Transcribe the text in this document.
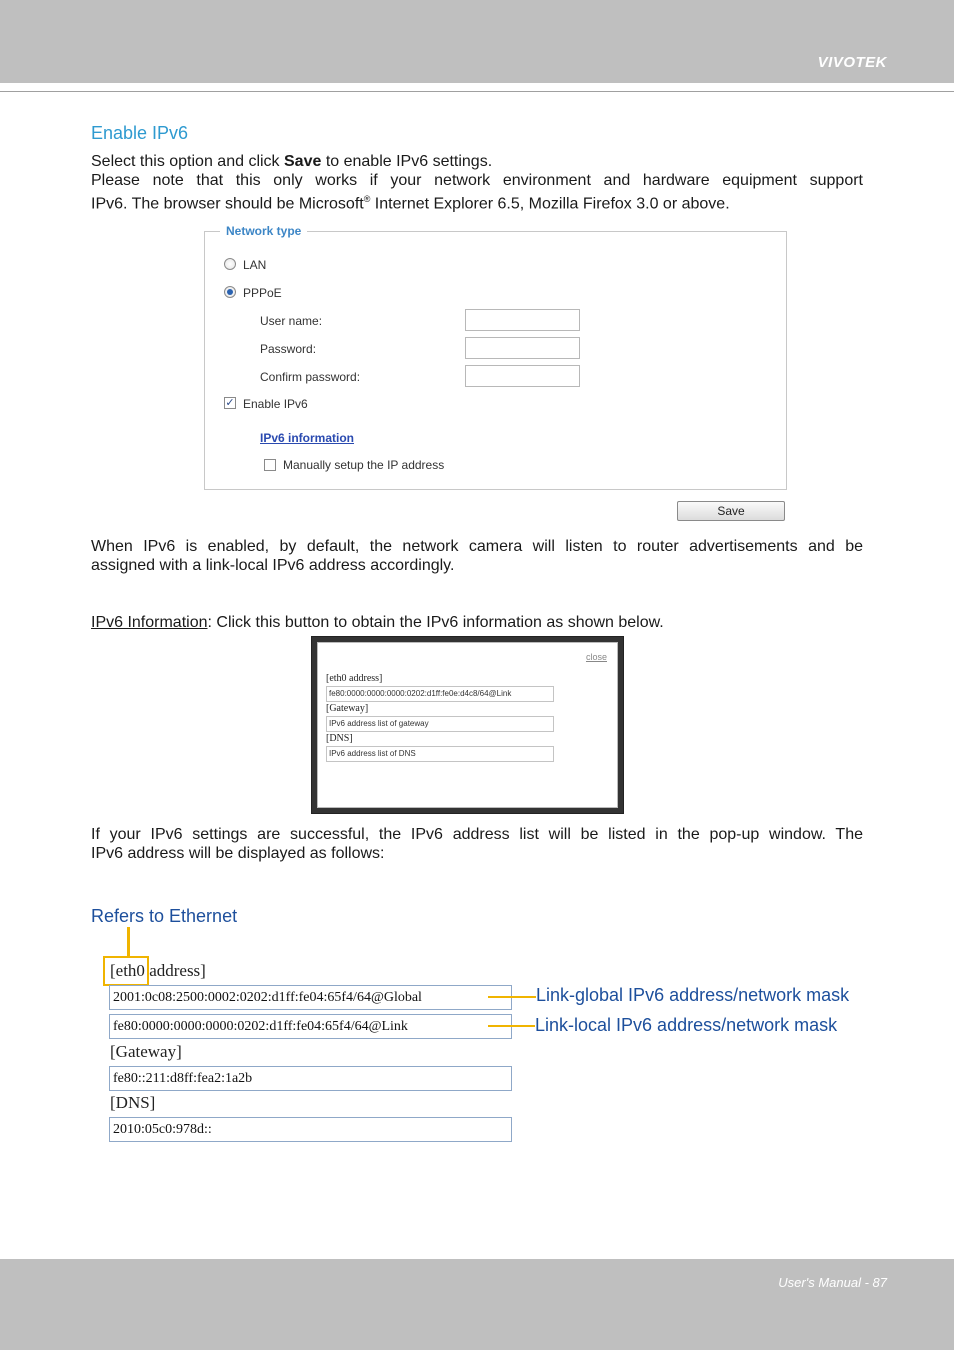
VIVOTEK
Enable IPv6
Select this option and click Save to enable IPv6 settings.
Please note that this only works if your network environment and hardware equipment support
IPv6. The browser should be Microsoft® Internet Explorer 6.5, Mozilla Firefox 3.0 or above.
Network type
LAN
PPPoE
User name:
Password:
Confirm password:
✓ Enable IPv6
IPv6 information
Manually setup the IP address
Save
When IPv6 is enabled, by default, the network camera will listen to router advertisements and be
assigned with a link-local IPv6 address accordingly.
IPv6 Information: Click this button to obtain the IPv6 information as shown below.
close
[eth0 address]
fe80:0000:0000:0000:0202:d1ff:fe0e:d4c8/64@Link
[Gateway]
IPv6 address list of gateway
[DNS]
IPv6 address list of DNS
If your IPv6 settings are successful, the IPv6 address list will be listed in the pop-up window. The
IPv6 address will be displayed as follows:
Refers to Ethernet
[eth0 address]
2001:0c08:2500:0002:0202:d1ff:fe04:65f4/64@Global
fe80:0000:0000:0000:0202:d1ff:fe04:65f4/64@Link
[Gateway]
fe80::211:d8ff:fea2:1a2b
[DNS]
2010:05c0:978d::
Link-global IPv6 address/network mask
Link-local IPv6 address/network mask
User's Manual - 87
